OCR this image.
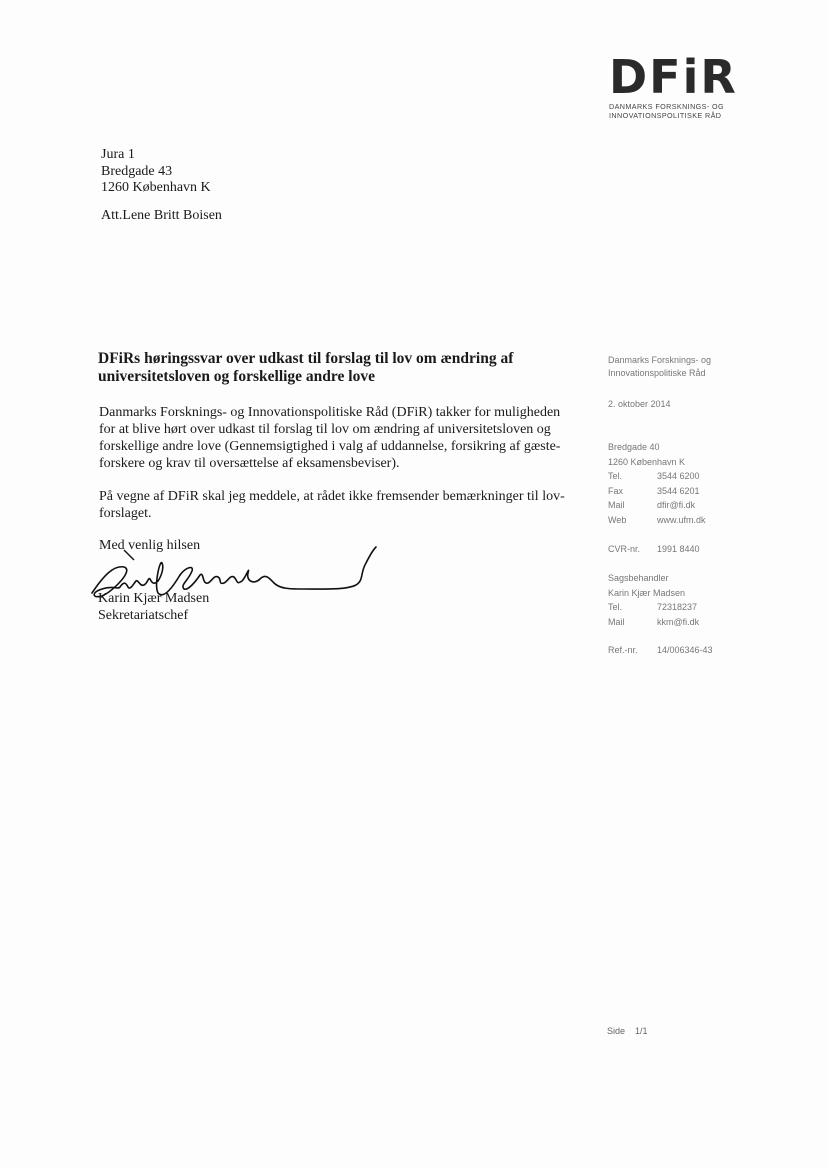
DFiR
DANMARKS FORSKNINGS- OG
INNOVATIONSPOLITISKE RÅD
Jura 1
Bredgade 43
1260 København K
Att.Lene Britt Boisen
DFiRs høringssvar over udkast til forslag til lov om ændring af universitetsloven og forskellige andre love
Danmarks Forsknings- og Innovationspolitiske Råd (DFiR) takker for muligheden for at blive hørt over udkast til forslag til lov om ændring af universitetsloven og forskellige andre love (Gennemsigtighed i valg af uddannelse, forsikring af gæste-forskere og krav til oversættelse af eksamensbeviser).
På vegne af DFiR skal jeg meddele, at rådet ikke fremsender bemærkninger til lov-forslaget.
Med venlig hilsen
Karin Kjær Madsen
Sekretariatschef
Danmarks Forsknings- og
Innovationspolitiske Råd
2. oktober 2014
Bredgade 40
1260 København K
Tel.	3544 6200
Fax	3544 6201
Mail	dfir@fi.dk
Web	www.ufm.dk
CVR-nr.	1991 8440
Sagsbehandler
Karin Kjær Madsen
Tel.	72318237
Mail	kkm@fi.dk
Ref.-nr.	14/006346-43
Side 1/1
